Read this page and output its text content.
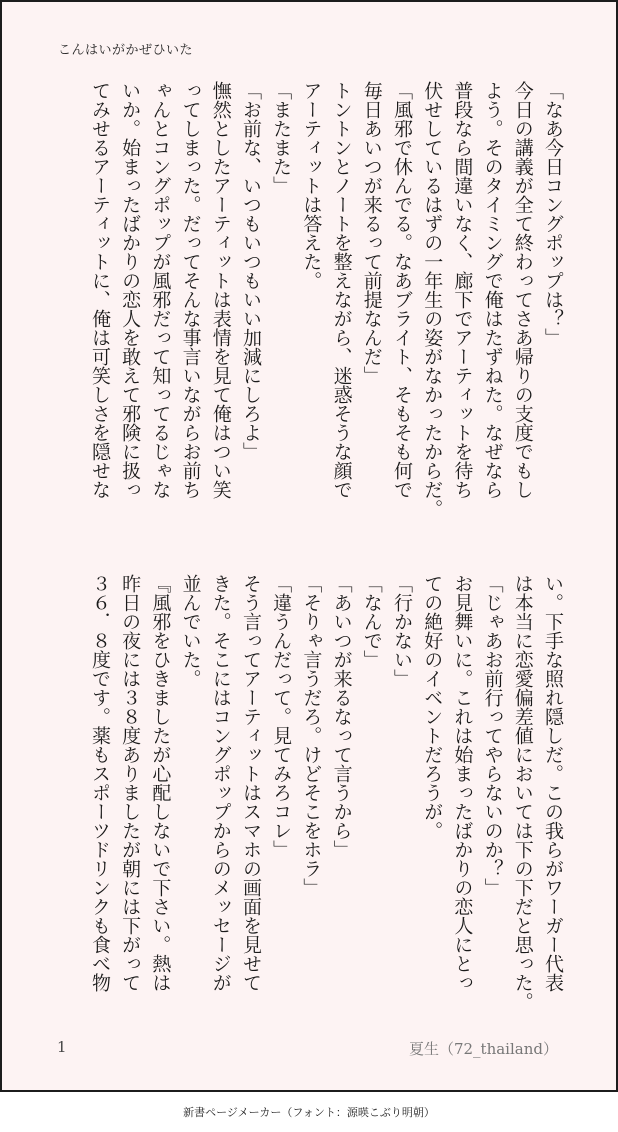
こんはいがかぜひいた
「なあ今日コングポップは？」
今日の講義が全て終わってさあ帰りの支度でもし
よう。そのタイミングで俺はたずねた。なぜなら
普段なら間違いなく、廊下でアーティットを待ち
伏せしているはずの一年生の姿がなかったからだ。
「風邪で休んでる。なあブライト、そもそも何で
毎日あいつが来るって前提なんだ」
トントンとノートを整えながら、迷惑そうな顔で
アーティットは答えた。
「またまた」
「お前な、いつもいつもいい加減にしろよ」
憮然としたアーティットは表情を見て俺はつい笑
ってしまった。だってそんな事言いながらお前ち
ゃんとコングポップが風邪だって知ってるじゃな
いか。始まったばかりの恋人を敢えて邪険に扱っ
てみせるアーティットに、俺は可笑しさを隠せな
い。下手な照れ隠しだ。この我らがワーガー代表
は本当に恋愛偏差値においては下の下だと思った。
「じゃあお前行ってやらないのか？」
お見舞いに。これは始まったばかりの恋人にとっ
ての絶好のイベントだろうが。
「行かない」
「なんで」
「あいつが来るなって言うから」
「そりゃ言うだろ。けどそこをホラ」
「違うんだって。見てみろコレ」
そう言ってアーティットはスマホの画面を見せて
きた。そこにはコングポップからのメッセージが
並んでいた。
『風邪をひきましたが心配しないで下さい。熱は
昨日の夜には３８度ありましたが朝には下がって
３６．８度です。薬もスポーツドリンクも食べ物
1	夏生（72_thailand）
新書ページメーカー（フォント：源暎こぶり明朝）
